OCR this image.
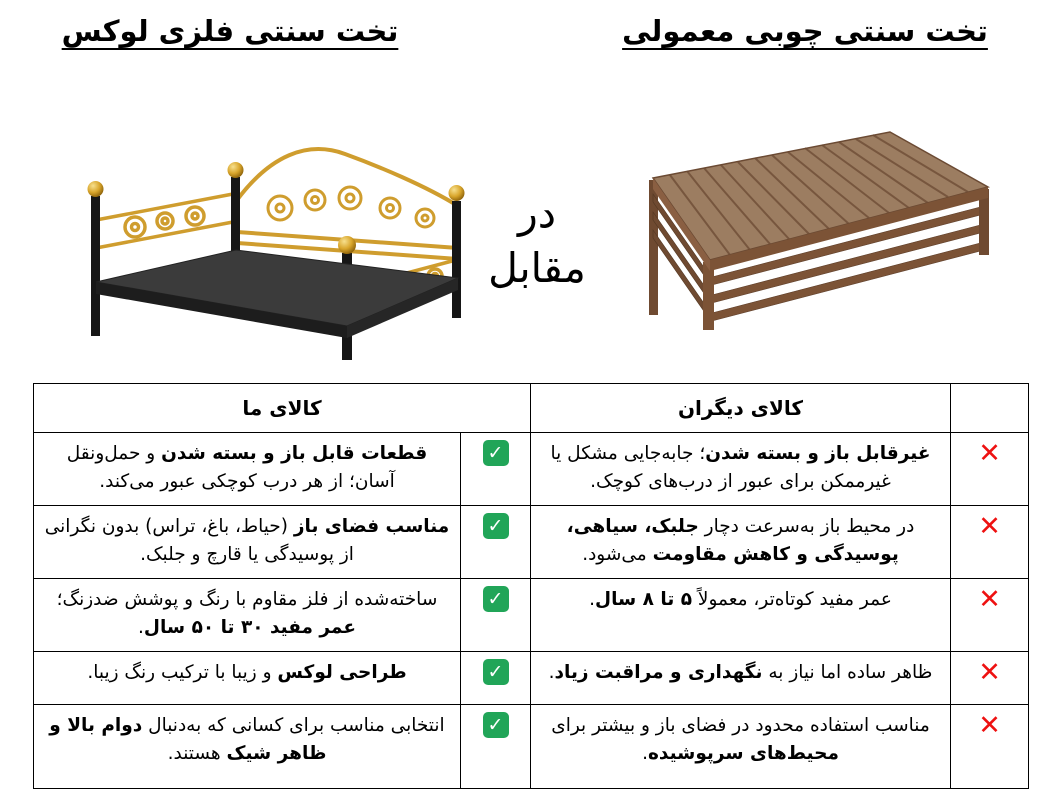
تخت سنتی چوبی معمولی
تخت سنتی فلزی لوکس
در
مقابل
	کالای دیگران	کالای ما	
✕	غیرقابل باز و بسته شدن؛ جابه‌جایی مشکل یا غیرممکن برای عبور از درب‌های کوچک.	✓	قطعات قابل باز و بسته شدن و حمل‌ونقل آسان؛ از هر درب کوچکی عبور می‌کند.
✕	در محیط باز به‌سرعت دچار جلبک، سیاهی، پوسیدگی و کاهش مقاومت می‌شود.	✓	مناسب فضای باز (حیاط، باغ، تراس) بدون نگرانی از پوسیدگی یا قارچ و جلبک.
✕	عمر مفید کوتاه‌تر، معمولاً ۵ تا ۸ سال.	✓	ساخته‌شده از فلز مقاوم با رنگ و پوشش ضدزنگ؛ عمر مفید ۳۰ تا ۵۰ سال.
✕	ظاهر ساده اما نیاز به نگهداری و مراقبت زیاد.	✓	طراحی لوکس و زیبا با ترکیب رنگ زیبا.
✕	مناسب استفاده محدود در فضای باز و بیشتر برای محیط‌های سرپوشیده.	✓	انتخابی مناسب برای کسانی که به‌دنبال دوام بالا و ظاهر شیک هستند.
